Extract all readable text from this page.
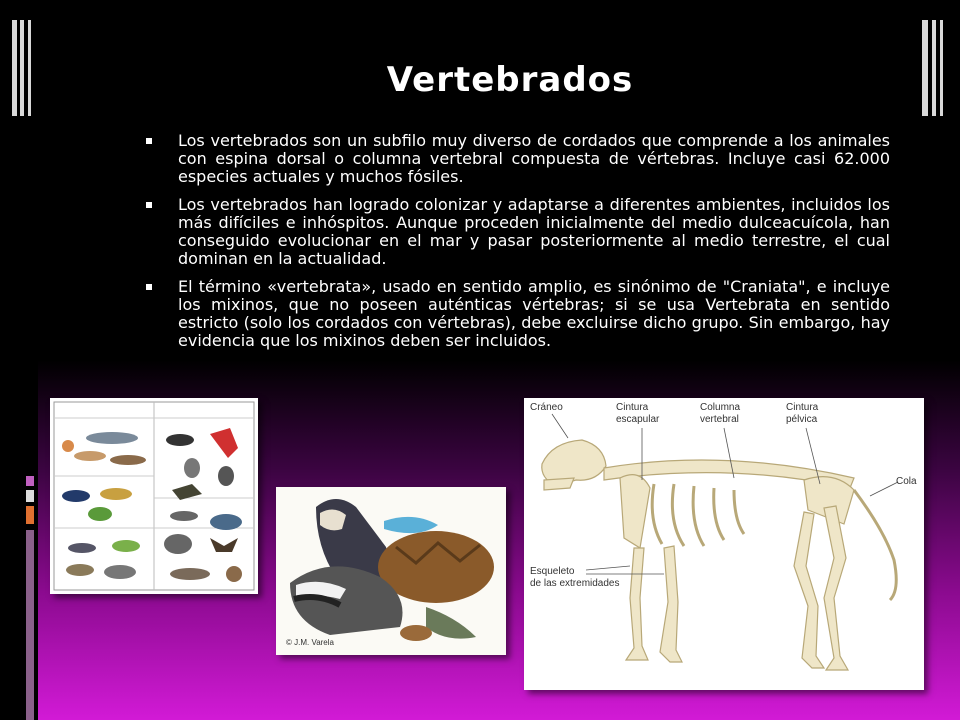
Vertebrados
Los vertebrados son un subfilo muy diverso de cordados que comprende a los animales con espina dorsal o columna vertebral compuesta de vértebras. Incluye casi 62.000 especies actuales y muchos fósiles.
Los vertebrados han logrado colonizar y adaptarse a diferentes ambientes, incluidos los más difíciles e inhóspitos. Aunque proceden inicialmente del medio dulceacuícola, han conseguido evolucionar en el mar y pasar posteriormente al medio terrestre, el cual dominan en la actualidad.
El término «vertebrata», usado en sentido amplio, es sinónimo de "Craniata", e incluye los mixinos, que no poseen auténticas vértebras; si se usa Vertebrata en sentido estricto (solo los cordados con vértebras), debe excluirse dicho grupo. Sin embargo, hay evidencia que los mixinos deben ser incluidos.
© J.M. Varela
Cráneo	Cintura
escapular
Columna
vertebral
Cintura
pélvica
Cola
Esqueleto
de las extremidades
